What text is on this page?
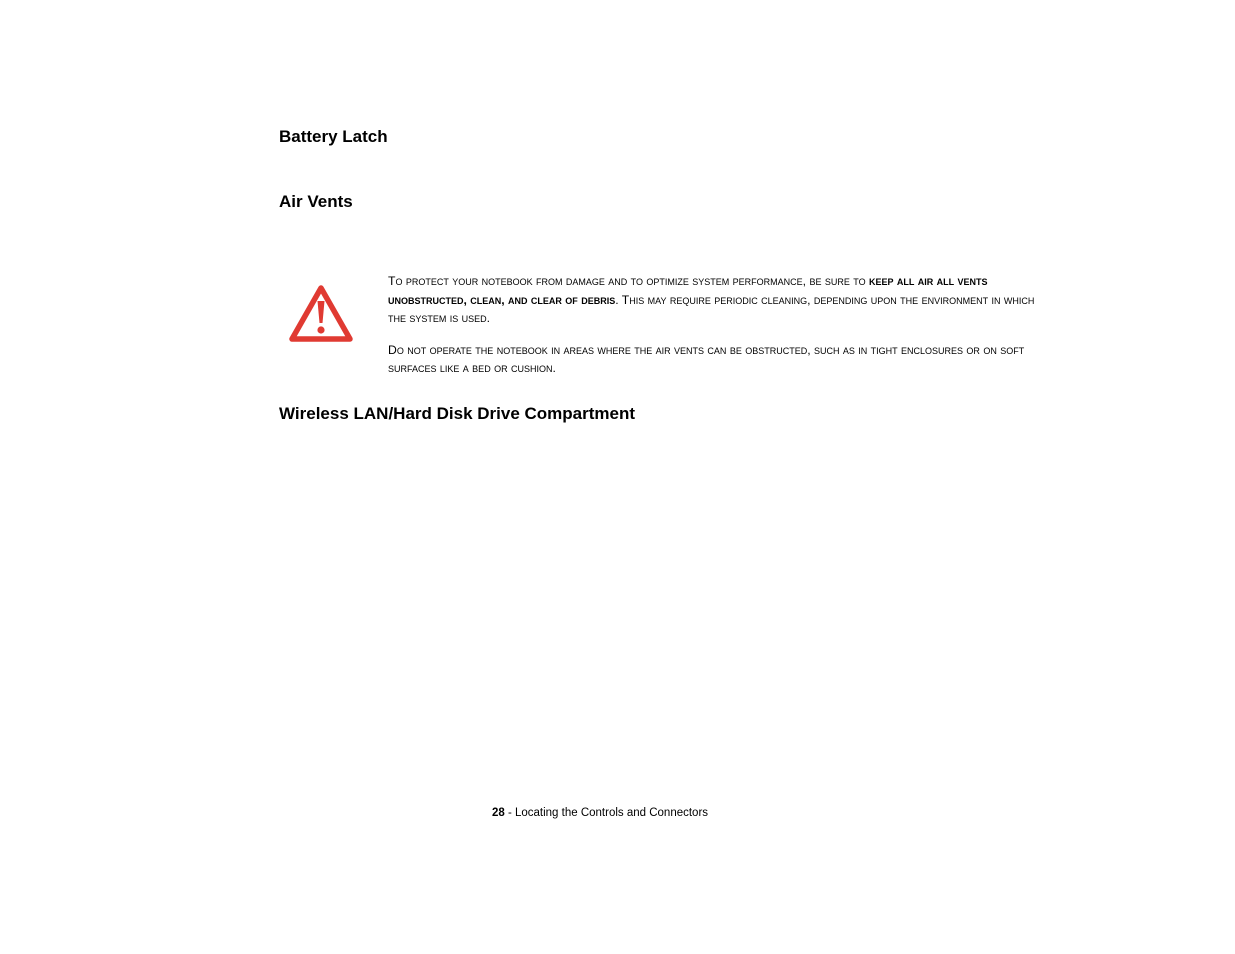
Battery Latch
Air Vents

To protect your notebook from damage and to optimize system performance, be sure to keep all air all vents unobstructed, clean, and clear of debris. This may require periodic cleaning, depending upon the environment in which the system is used.

Do not operate the notebook in areas where the air vents can be obstructed, such as in tight enclosures or on soft surfaces like a bed or cushion.

Wireless LAN/Hard Disk Drive Compartment
28 - Locating the Controls and Connectors
